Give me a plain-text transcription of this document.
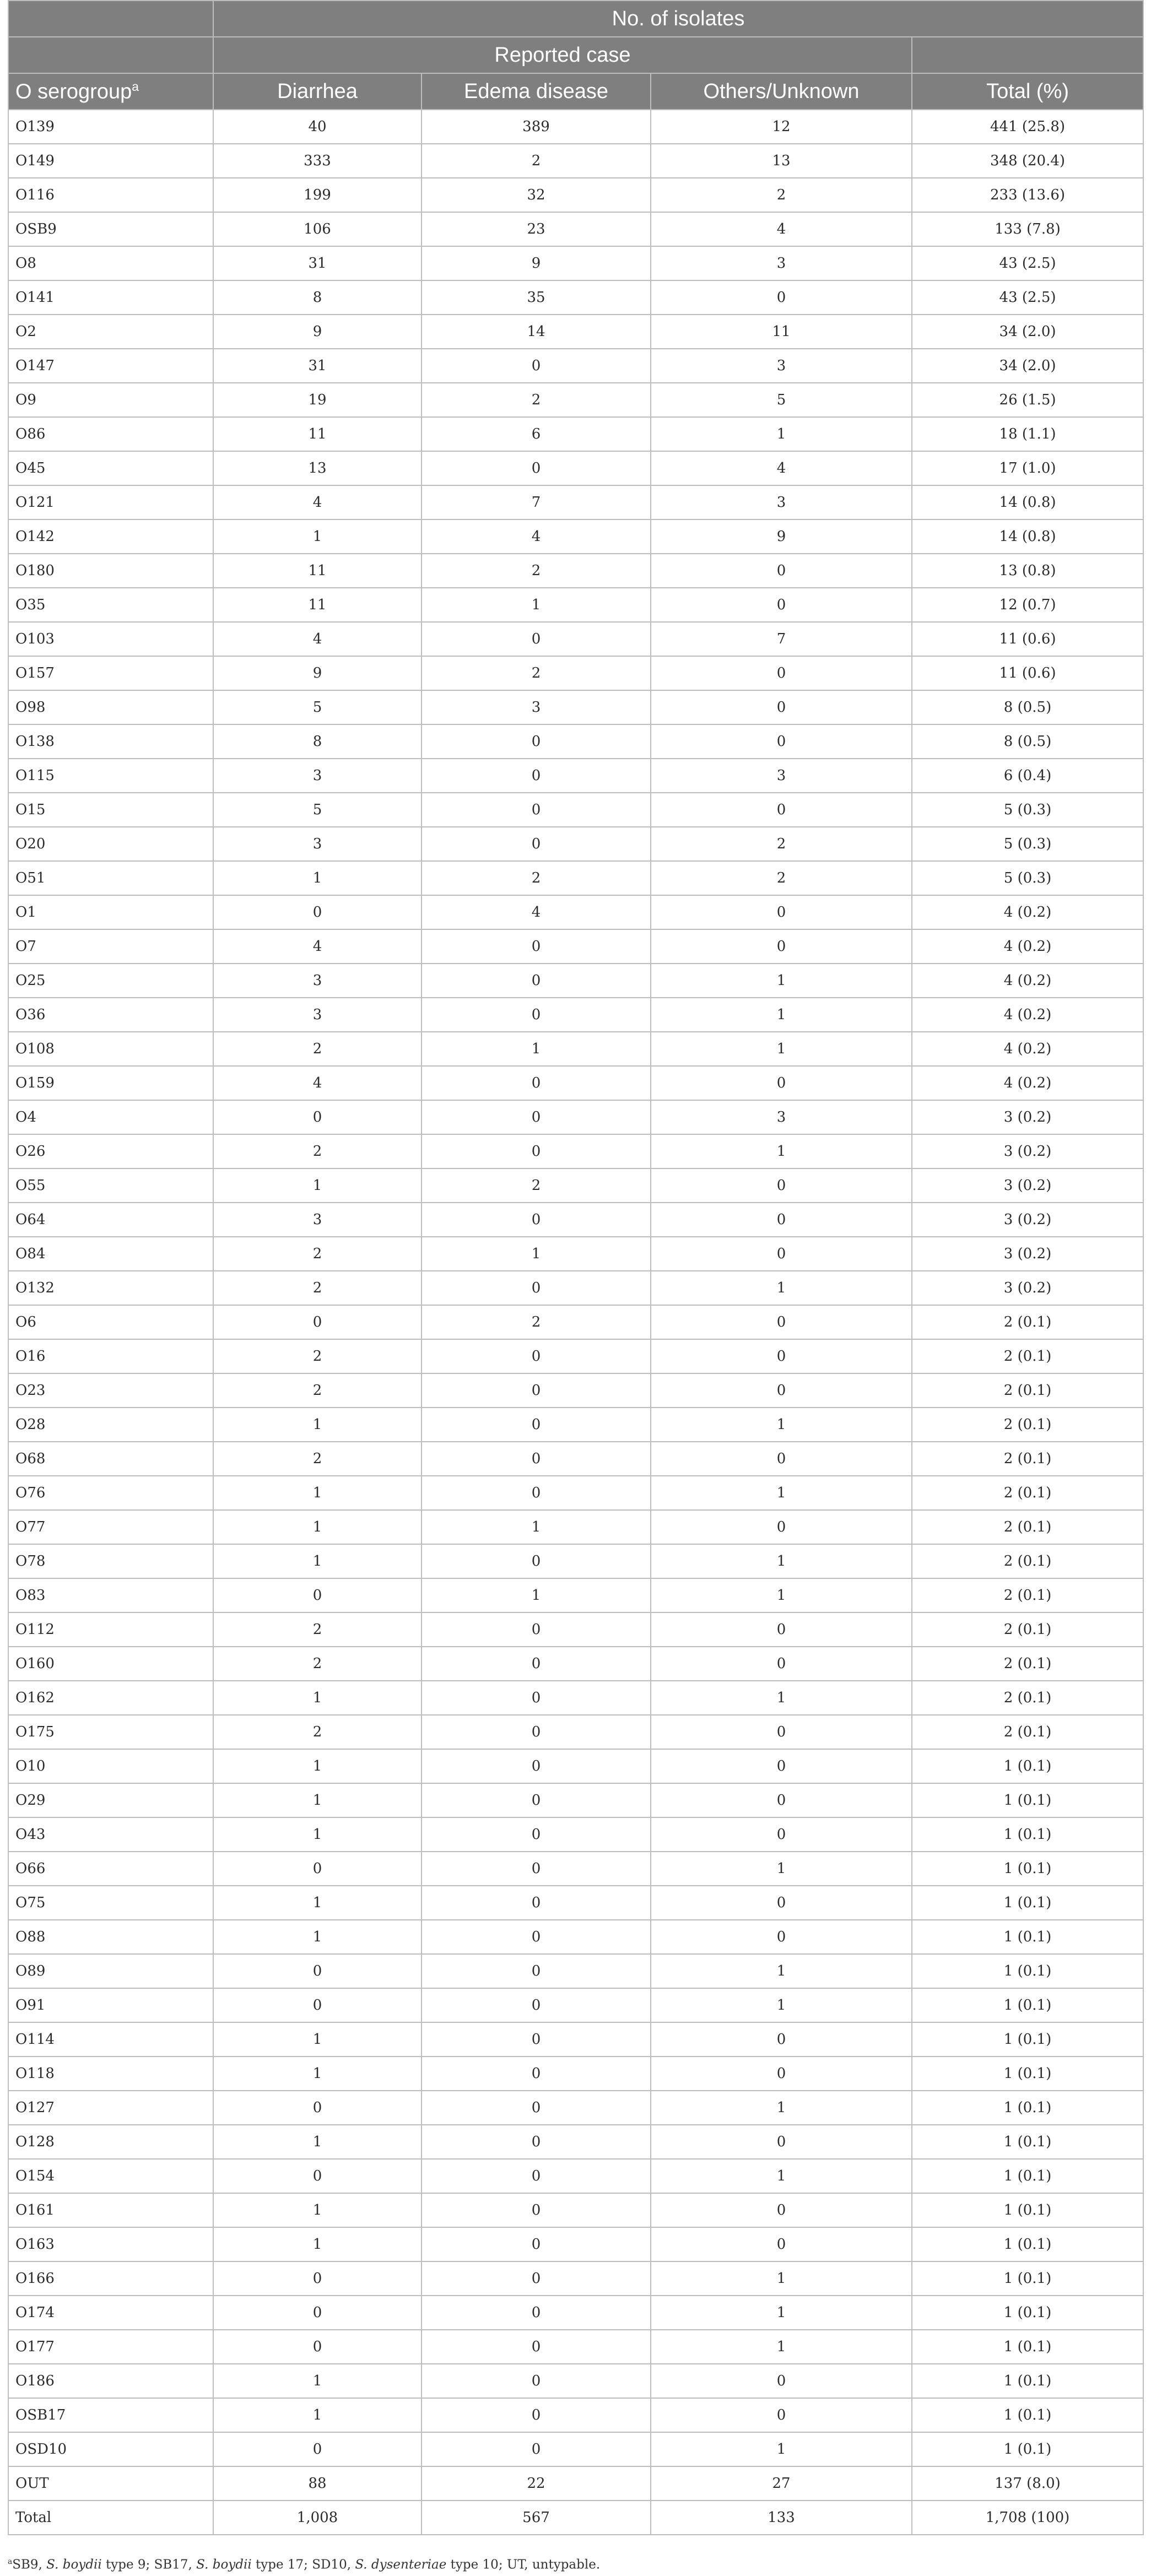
	No. of isolates			
	Reported case			
O serogroup$^a$	Diarrhea	Edema disease	Others/Unknown	Total (%)
O139	40	389	12	441 (25.8)
O149	333	2	13	348 (20.4)
O116	199	32	2	233 (13.6)
OSB9	106	23	4	133 (7.8)
O8	31	9	3	43 (2.5)
O141	8	35	0	43 (2.5)
O2	9	14	11	34 (2.0)
O147	31	0	3	34 (2.0)
O9	19	2	5	26 (1.5)
O86	11	6	1	18 (1.1)
O45	13	0	4	17 (1.0)
O121	4	7	3	14 (0.8)
O142	1	4	9	14 (0.8)
O180	11	2	0	13 (0.8)
O35	11	1	0	12 (0.7)
O103	4	0	7	11 (0.6)
O157	9	2	0	11 (0.6)
O98	5	3	0	8 (0.5)
O138	8	0	0	8 (0.5)
O115	3	0	3	6 (0.4)
O15	5	0	0	5 (0.3)
O20	3	0	2	5 (0.3)
O51	1	2	2	5 (0.3)
O1	0	4	0	4 (0.2)
O7	4	0	0	4 (0.2)
O25	3	0	1	4 (0.2)
O36	3	0	1	4 (0.2)
O108	2	1	1	4 (0.2)
O159	4	0	0	4 (0.2)
O4	0	0	3	3 (0.2)
O26	2	0	1	3 (0.2)
O55	1	2	0	3 (0.2)
O64	3	0	0	3 (0.2)
O84	2	1	0	3 (0.2)
O132	2	0	1	3 (0.2)
O6	0	2	0	2 (0.1)
O16	2	0	0	2 (0.1)
O23	2	0	0	2 (0.1)
O28	1	0	1	2 (0.1)
O68	2	0	0	2 (0.1)
O76	1	0	1	2 (0.1)
O77	1	1	0	2 (0.1)
O78	1	0	1	2 (0.1)
O83	0	1	1	2 (0.1)
O112	2	0	0	2 (0.1)
O160	2	0	0	2 (0.1)
O162	1	0	1	2 (0.1)
O175	2	0	0	2 (0.1)
O10	1	0	0	1 (0.1)
O29	1	0	0	1 (0.1)
O43	1	0	0	1 (0.1)
O66	0	0	1	1 (0.1)
O75	1	0	0	1 (0.1)
O88	1	0	0	1 (0.1)
O89	0	0	1	1 (0.1)
O91	0	0	1	1 (0.1)
O114	1	0	0	1 (0.1)
O118	1	0	0	1 (0.1)
O127	0	0	1	1 (0.1)
O128	1	0	0	1 (0.1)
O154	0	0	1	1 (0.1)
O161	1	0	0	1 (0.1)
O163	1	0	0	1 (0.1)
O166	0	0	1	1 (0.1)
O174	0	0	1	1 (0.1)
O177	0	0	1	1 (0.1)
O186	1	0	0	1 (0.1)
OSB17	1	0	0	1 (0.1)
OSD10	0	0	1	1 (0.1)
OUT	88	22	27	137 (8.0)
Total	1,008	567	133	1,708 (100)
$^a$SB9, S. boydii type 9; SB17, S. boydii type 17; SD10, S. dysenteriae type 10; UT, untypable.
